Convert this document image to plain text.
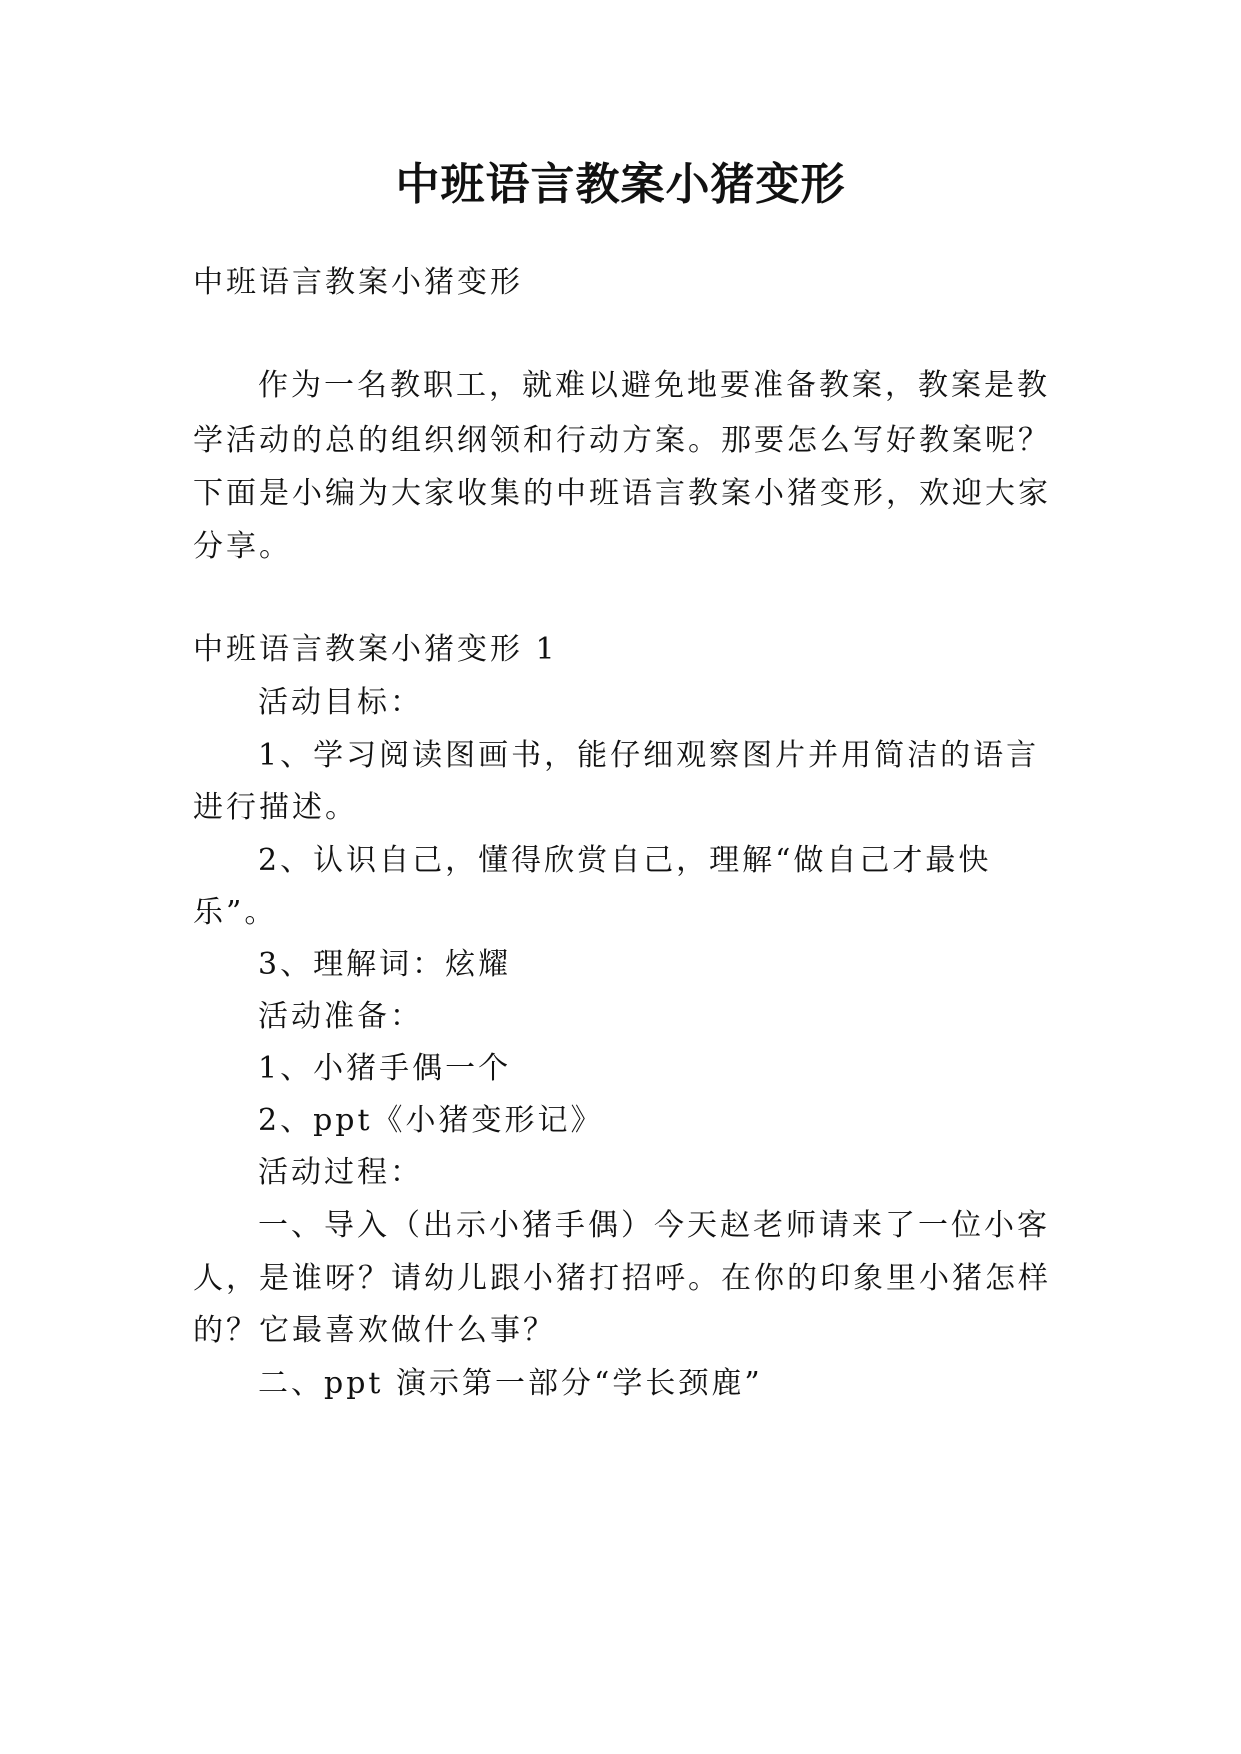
中班语言教案小猪变形
中班语言教案小猪变形
作为一名教职工，就难以避免地要准备教案，教案是教
学活动的总的组织纲领和行动方案。那要怎么写好教案呢？
下面是小编为大家收集的中班语言教案小猪变形，欢迎大家
分享。
中班语言教案小猪变形 1
活动目标：
1、学习阅读图画书，能仔细观察图片并用简洁的语言
进行描述。
2、认识自己，懂得欣赏自己，理解“做自己才最快
乐”。
3、理解词：炫耀
活动准备：
1、小猪手偶一个
2、ppt《小猪变形记》
活动过程：
一、导入（出示小猪手偶）今天赵老师请来了一位小客
人，是谁呀？请幼儿跟小猪打招呼。在你的印象里小猪怎样
的？它最喜欢做什么事？
二、ppt 演示第一部分“学长颈鹿”
